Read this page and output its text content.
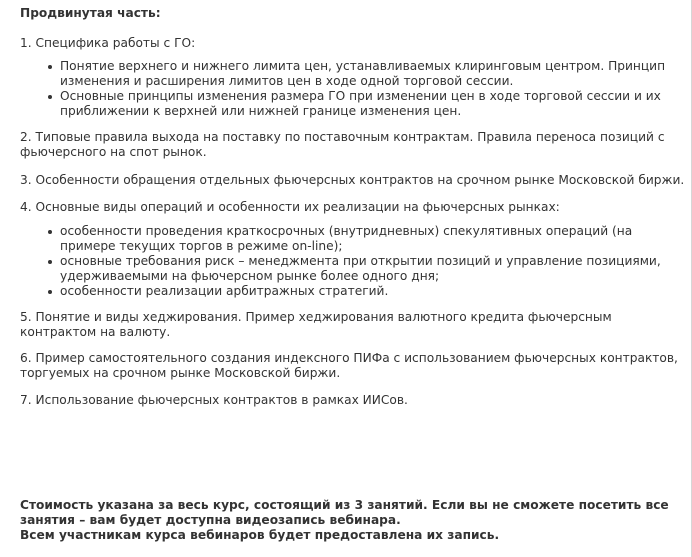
Продвинутая часть:

1. Специфика работы с ГО:

Понятие верхнего и нижнего лимита цен, устанавливаемых клиринговым центром. Принцип изменения и расширения лимитов цен в ходе одной торговой сессии.
Основные принципы изменения размера ГО при изменении цен в ходе торговой сессии и их приближении к верхней или нижней границе изменения цен.

2. Типовые правила выхода на поставку по поставочным контрактам. Правила переноса позиций с фьючерсного на спот рынок.

3. Особенности обращения отдельных фьючерсных контрактов на срочном рынке Московской биржи.

4. Основные виды операций и особенности их реализации на фьючерсных рынках:

особенности проведения краткосрочных (внутридневных) спекулятивных операций (на примере текущих торгов в режиме on-line);
основные требования риск – менеджмента при открытии позиций и управление позициями, удерживаемыми на фьючерсном рынке более одного дня;
особенности реализации арбитражных стратегий.

5. Понятие и виды хеджирования. Пример хеджирования валютного кредита фьючерсным контрактом на валюту.

6. Пример самостоятельного создания индексного ПИФа с использованием фьючерсных контрактов, торгуемых на срочном рынке Московской биржи.

7. Использование фьючерсных контрактов в рамках ИИСов.

Стоимость указана за весь курс, состоящий из 3 занятий. Если вы не сможете посетить все занятия – вам будет доступна видеозапись вебинара.
Всем участникам курса вебинаров будет предоставлена их запись.
